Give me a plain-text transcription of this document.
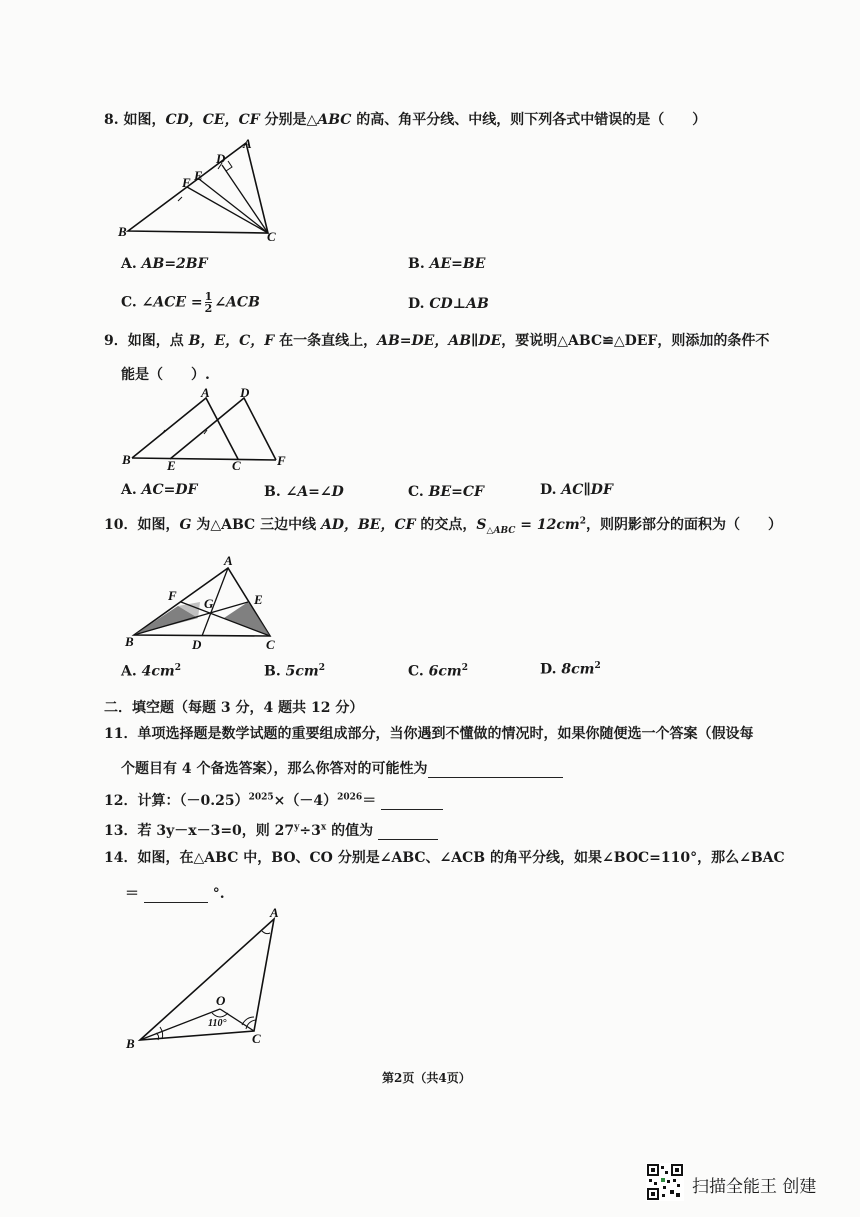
8. 如图，CD，CE，CF 分别是△ABC 的高、角平分线、中线，则下列各式中错误的是（　　）
A
D
E
F
B	C
A. AB=2BF	B. AE=BE
C. ∠ACE = $\frac{1}{2}$ ∠ACB	D. CD⊥AB
9．如图，点 B，E，C，F 在一条直线上，AB=DE，AB∥DE，要说明△ABC≌△DEF，则添加的条件不
能是（　　）.
A D
B	E	C	F
A. AC=DF	B. ∠A=∠D	C. BE=CF	D. AC∥DF
10．如图，G 为△ABC 三边中线 AD，BE，CF 的交点，$S_{\triangle ABC} = 12cm^2$，则阴影部分的面积为（　　）
A
F
G	E
B	D	C
A. $4cm^2$	B. $5cm^2$	C. $6cm^2$	D. $8cm^2$
二．填空题（每题 3 分，4 题共 12 分）
11．单项选择题是数学试题的重要组成部分，当你遇到不懂做的情况时，如果你随便选一个答案（假设每
个题目有 4 个备选答案），那么你答对的可能性为
12．计算：$(-0.25)^{2025}\times(-4)^{2026}=$
13．若 3y－x－3=0，则 $27^y\div 3^x$ 的值为
14．如图，在△ABC 中，BO、CO 分别是∠ABC、∠ACB 的角平分线，如果∠BOC=110°，那么∠BAC
＝	°.
A
O
110°
B	C
第2页（共4页）
扫描全能王 创建
